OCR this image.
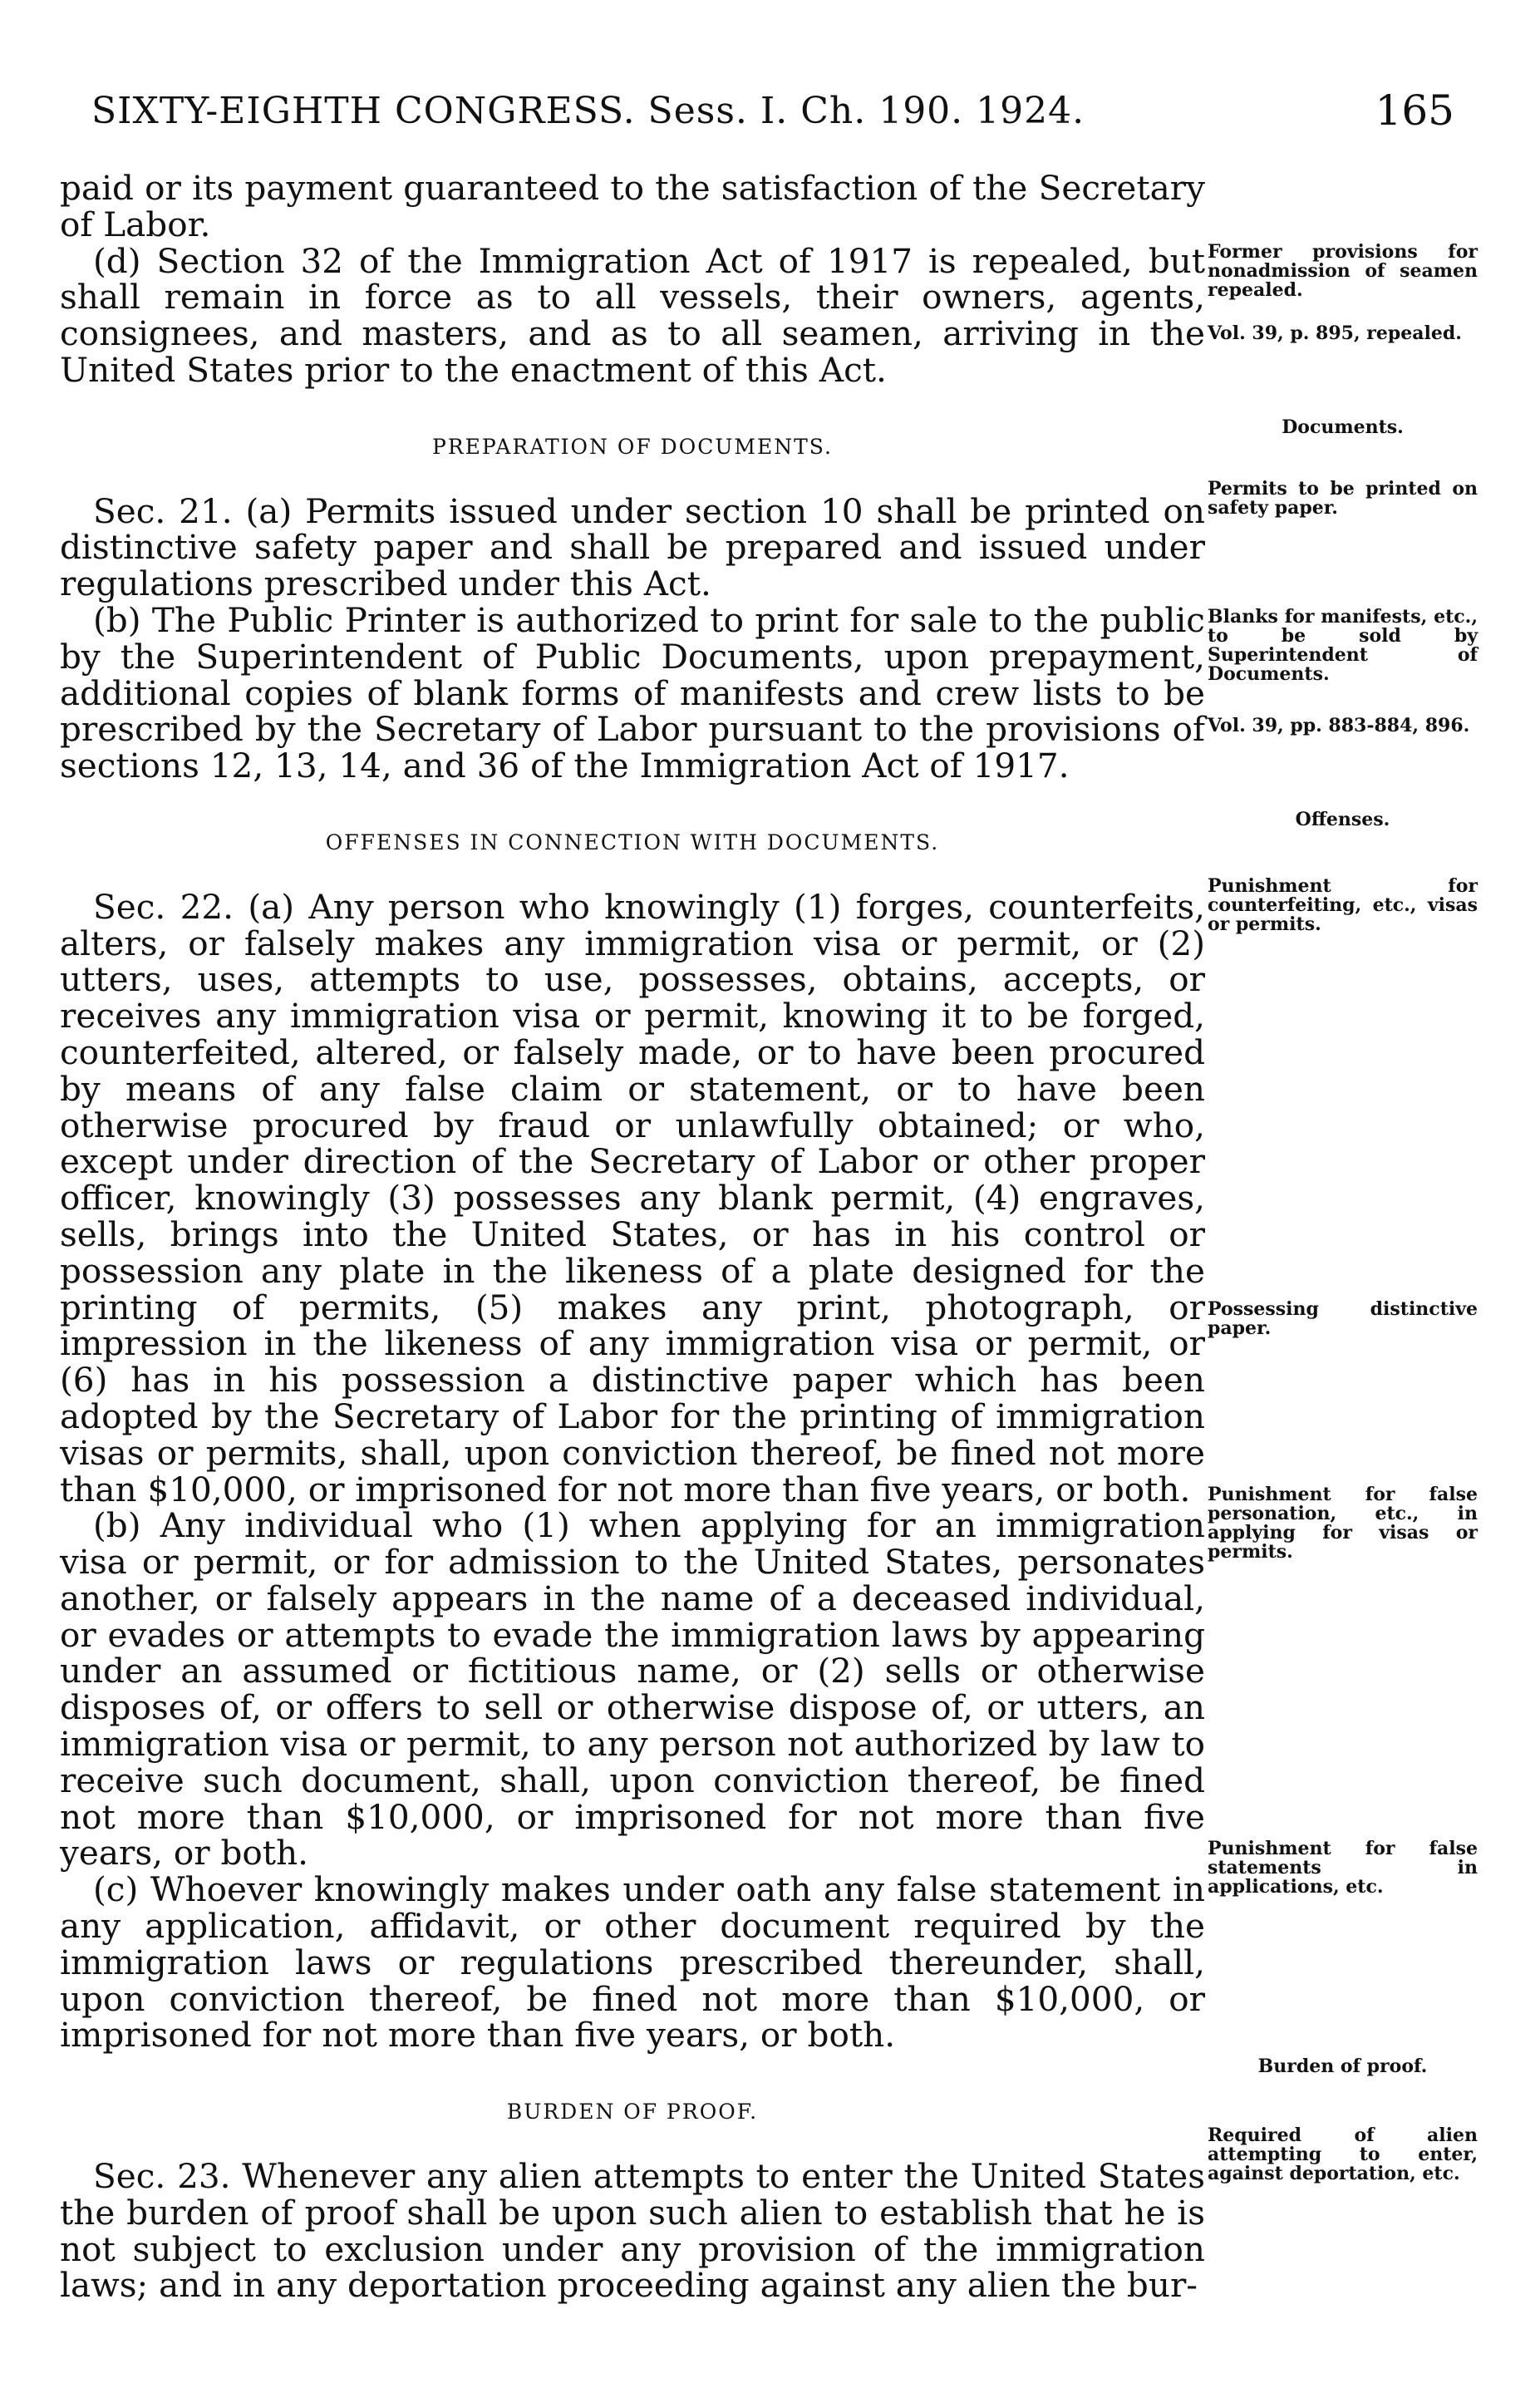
SIXTY-EIGHTH CONGRESS. Sess. I. Ch. 190. 1924.	165

paid or its payment guaranteed to the satisfaction of the Secretary of Labor.

(d) Section 32 of the Immigration Act of 1917 is repealed, but shall remain in force as to all vessels, their owners, agents, consignees, and masters, and as to all seamen, arriving in the United States prior to the enactment of this Act.

PREPARATION OF DOCUMENTS.

Sec. 21. (a) Permits issued under section 10 shall be printed on distinctive safety paper and shall be prepared and issued under regulations prescribed under this Act.

(b) The Public Printer is authorized to print for sale to the public by the Superintendent of Public Documents, upon prepayment, additional copies of blank forms of manifests and crew lists to be prescribed by the Secretary of Labor pursuant to the provisions of sections 12, 13, 14, and 36 of the Immigration Act of 1917.

OFFENSES IN CONNECTION WITH DOCUMENTS.

Sec. 22. (a) Any person who knowingly (1) forges, counterfeits, alters, or falsely makes any immigration visa or permit, or (2) utters, uses, attempts to use, possesses, obtains, accepts, or receives any immigration visa or permit, knowing it to be forged, counterfeited, altered, or falsely made, or to have been procured by means of any false claim or statement, or to have been otherwise procured by fraud or unlawfully obtained; or who, except under direction of the Secretary of Labor or other proper officer, knowingly (3) possesses any blank permit, (4) engraves, sells, brings into the United States, or has in his control or possession any plate in the likeness of a plate designed for the printing of permits, (5) makes any print, photograph, or impression in the likeness of any immigration visa or permit, or (6) has in his possession a distinctive paper which has been adopted by the Secretary of Labor for the printing of immigration visas or permits, shall, upon conviction thereof, be fined not more than $10,000, or imprisoned for not more than five years, or both.

(b) Any individual who (1) when applying for an immigration visa or permit, or for admission to the United States, personates another, or falsely appears in the name of a deceased individual, or evades or attempts to evade the immigration laws by appearing under an assumed or fictitious name, or (2) sells or otherwise disposes of, or offers to sell or otherwise dispose of, or utters, an immigration visa or permit, to any person not authorized by law to receive such document, shall, upon conviction thereof, be fined not more than $10,000, or imprisoned for not more than five years, or both.

(c) Whoever knowingly makes under oath any false statement in any application, affidavit, or other document required by the immigration laws or regulations prescribed thereunder, shall, upon conviction thereof, be fined not more than $10,000, or imprisoned for not more than five years, or both.

BURDEN OF PROOF.

Sec. 23. Whenever any alien attempts to enter the United States the burden of proof shall be upon such alien to establish that he is not subject to exclusion under any provision of the immigration laws; and in any deportation proceeding against any alien the bur-

Former provisions for nonadmission of seamen repealed.
Vol. 39, p. 895, repealed.
Documents.
Permits to be printed on safety paper.
Blanks for manifests, etc., to be sold by Superintendent of Documents.
Vol. 39, pp. 883-884, 896.
Offenses.
Punishment for counterfeiting, etc., visas or permits.
Possessing distinctive paper.
Punishment for false personation, etc., in applying for visas or permits.
Punishment for false statements in applications, etc.
Burden of proof.
Required of alien attempting to enter, against deportation, etc.
